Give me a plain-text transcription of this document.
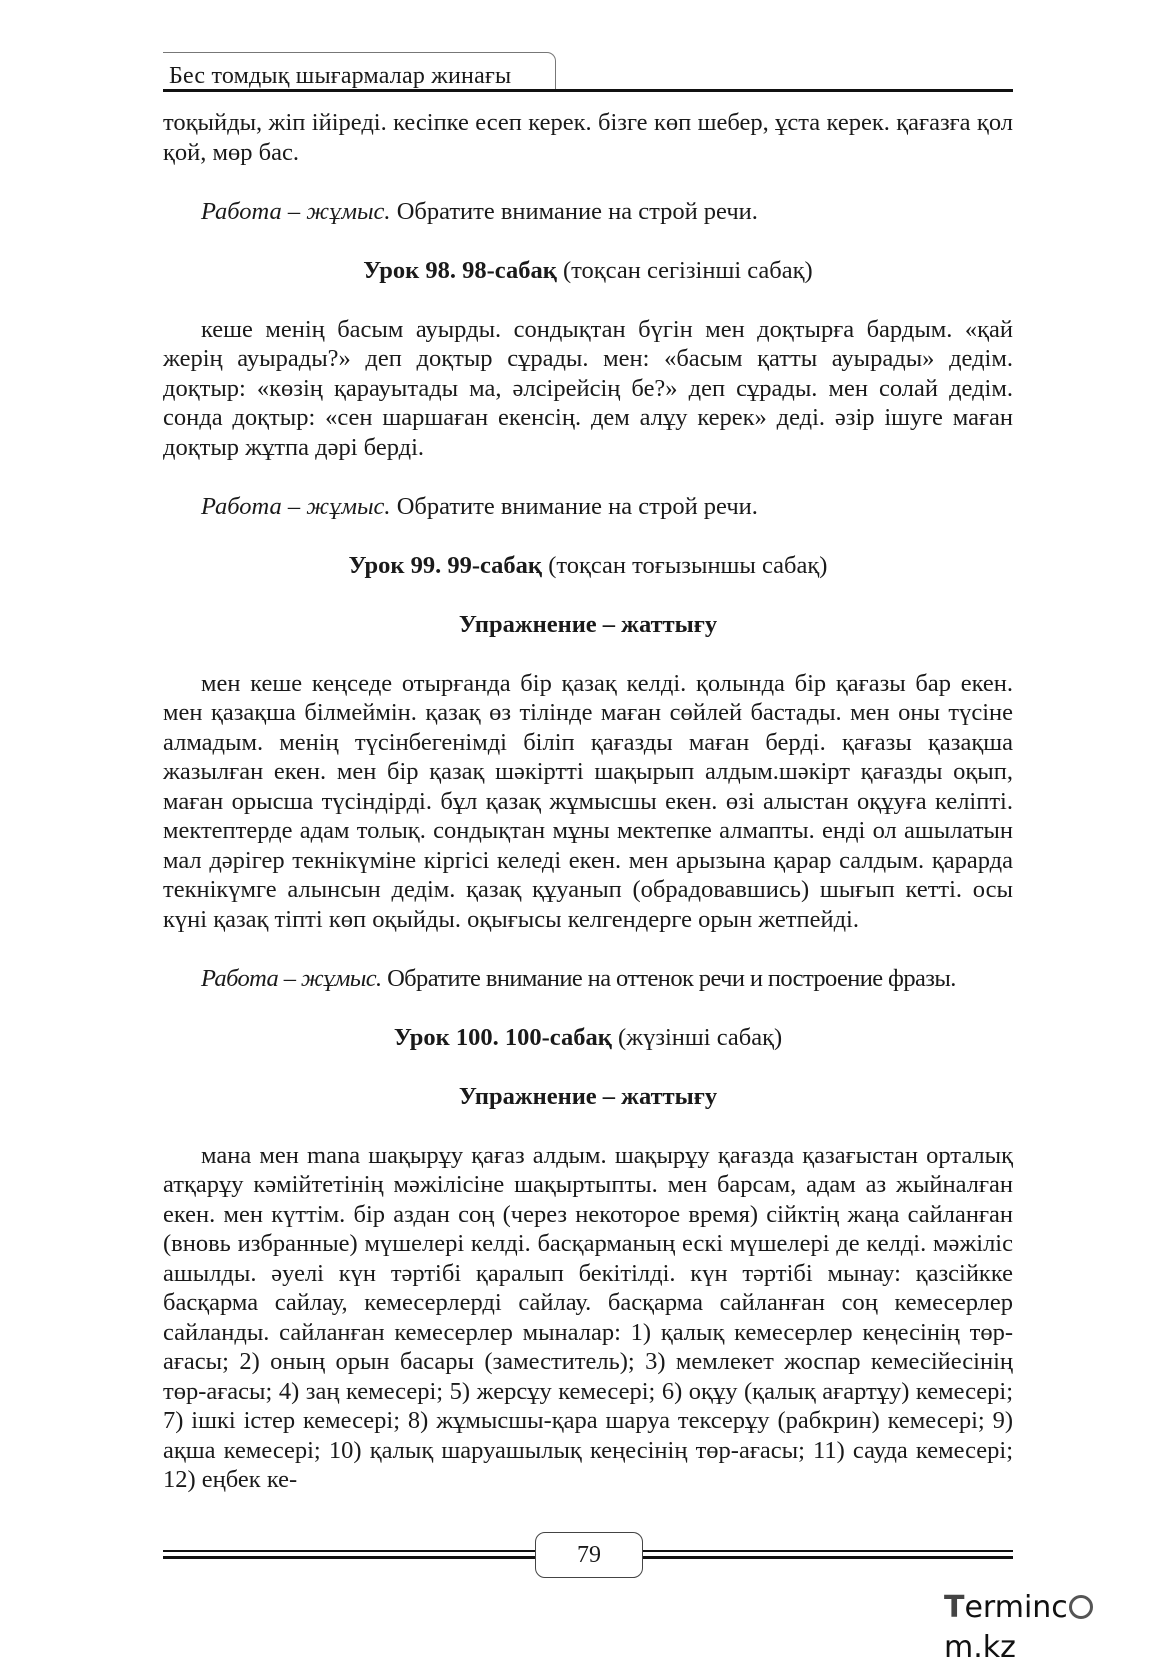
Бес томдық шығармалар жинағы

тоқыйды, жіп ійіреді. кесіпке есеп керек. бізге көп шебер, ұста керек. қағазға қол қой, мөр бас.

Работа – жұмыс. Обратите внимание на строй речи.

Урок 98. 98-сабақ (тоқсан сегізінші сабақ)

кеше менің басым ауырды. сондықтан бүгін мен доқтырға бардым. «қай жерің ауырады?» деп доқтыр сұрады. мен: «басым қатты ауырады» дедім. доқтыр: «көзің қарауытады ма, әлсірейсің бе?» деп сұрады. мен солай дедім. сонда доқтыр: «сен шаршаған екенсің. дем алұу керек» деді. әзір ішуге маған доқтыр жұтпа дәрі берді.

Работа – жұмыс. Обратите внимание на строй речи.

Урок 99. 99-сабақ (тоқсан тоғызыншы сабақ)

Упражнение – жаттығу

мен кеше кеңседе отырғанда бір қазақ келді. қолында бір қағазы бар екен. мен қазақша білмеймін. қазақ өз тілінде маған сөйлей бастады. мен оны түсіне алмадым. менің түсінбегенімді біліп қағазды маған берді. қағазы қазақша жазылған екен. мен бір қазақ шәкіртті шақырып алдым.шәкірт қағазды оқып, маған орысша түсіндірді. бұл қазақ жұмысшы екен. өзі алыстан оқұуға келіпті. мектептерде адам толық. сондықтан мұны мектепке алмапты. енді ол ашылатын мал дәрігер текнікүміне кіргісі келеді екен. мен арызына қарар салдым. қарарда текнікүмге алынсын дедім. қазақ құуанып (обрадовавшись) шығып кетті. осы күні қазақ тіпті көп оқыйды. оқығысы келгендерге орын жетпейді.

Работа – жұмыс. Обратите внимание на оттенок речи и построение фразы.

Урок 100. 100-сабақ (жүзінші сабақ)

Упражнение – жаттығу

мана мен mana шақырұу қағаз алдым. шақырұу қағазда қазағыстан орталық атқарұу кәмійтетінің мәжілісіне шақыртыпты. мен барсам, адам аз жыйналған екен. мен күттім. бір аздан соң (через некоторое время) сійктің жаңа сайланған (вновь избранные) мүшелері келді. басқарманың ескі мүшелері де келді. мәжіліс ашылды. әуелі күн тәртібі қаралып бекітілді. күн тәртібі мынау: қазсійкке басқарма сайлау, кемесерлерді сайлау. басқарма сайланған соң кемесерлер сайланды. сайланған кемесерлер мыналар: 1) қалық кемесерлер кеңесінің төр-ағасы; 2) оның орын басары (заместитель); 3) мемлекет жоспар кемесійесінің төр-ағасы; 4) заң кемесері; 5) жерсұу кемесері; 6) оқұу (қалық ағартұу) кемесері; 7) ішкі істер кемесері; 8) жұмысшы-қара шаруа тексерұу (рабкрин) кемесері; 9) ақша кемесері; 10) қалық шаруашылық кеңесінің төр-ағасы; 11) сауда кемесері; 12) еңбек ке-

79
Termincm.kz
